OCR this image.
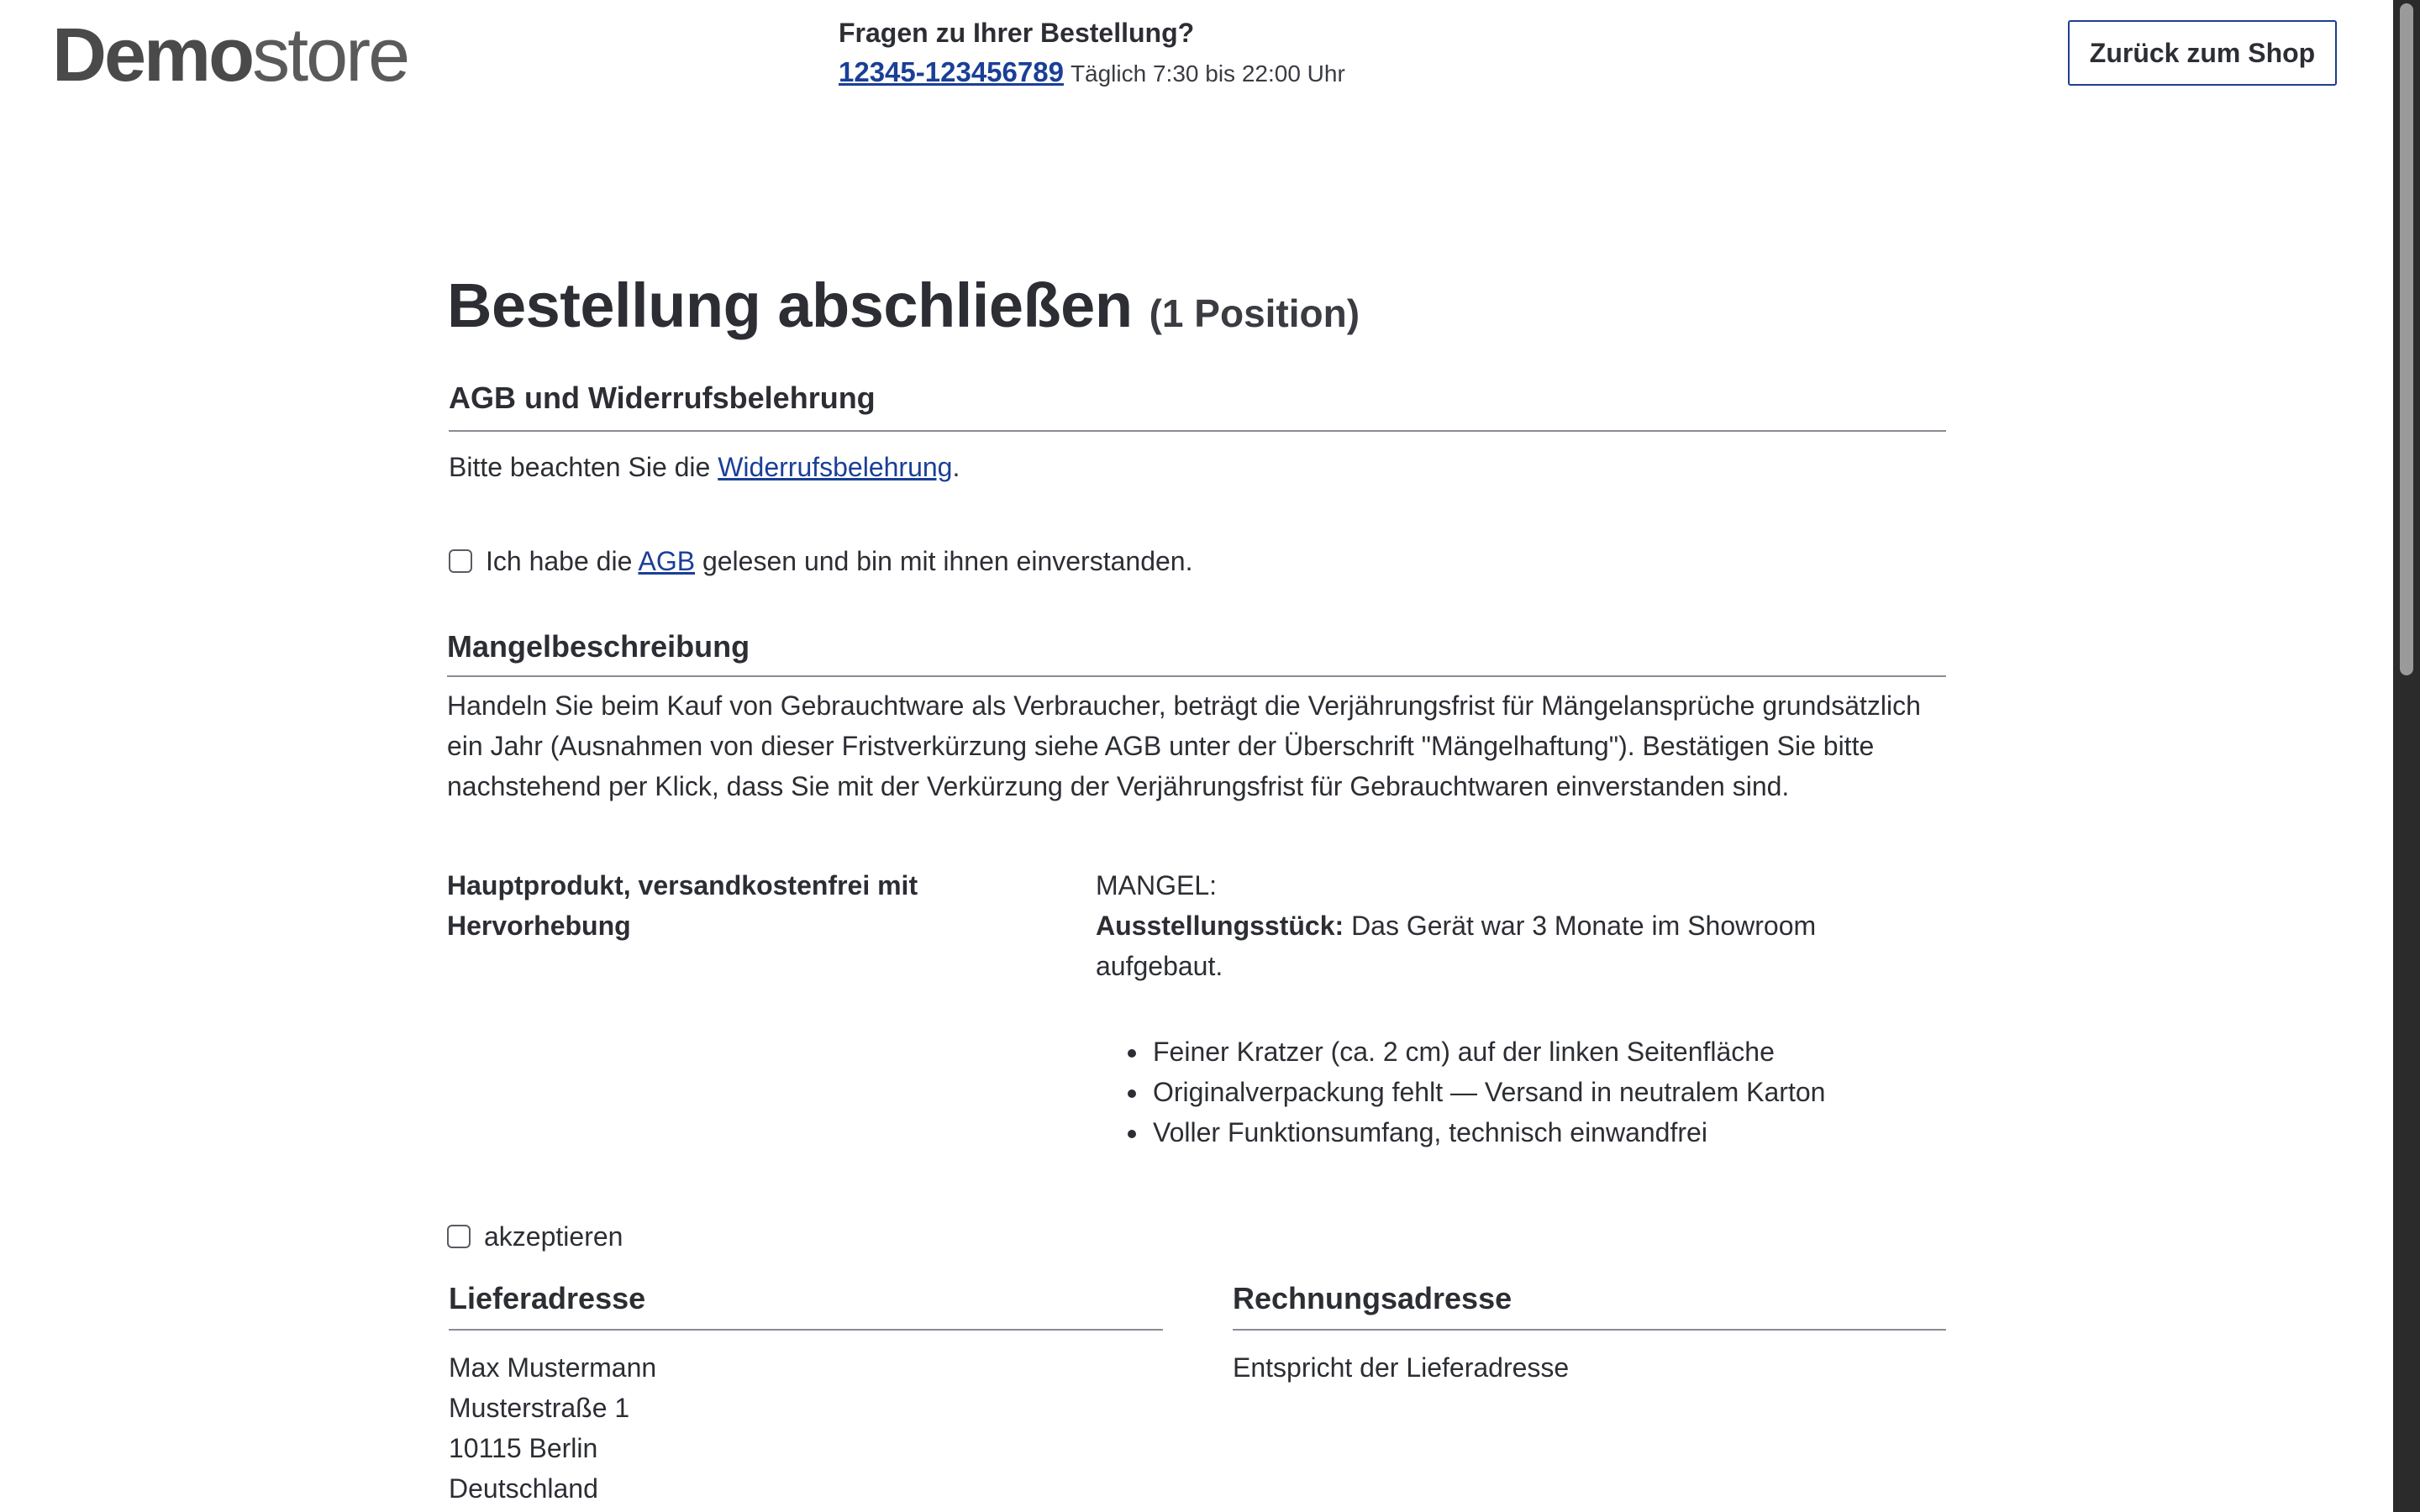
Demostore	Fragen zu Ihrer Bestellung?
12345-123456789 Täglich 7:30 bis 22:00 Uhr
Zurück zum Shop
Bestellung abschließen (1 Position)
AGB und Widerrufsbelehrung
Bitte beachten Sie die Widerrufsbelehrung.
Ich habe die AGB gelesen und bin mit ihnen einverstanden.
Mangelbeschreibung
Handeln Sie beim Kauf von Gebrauchtware als Verbraucher, beträgt die Verjährungsfrist für Mängelansprüche grundsätzlich ein Jahr (Ausnahmen von dieser Fristverkürzung siehe AGB unter der Überschrift "Mängelhaftung"). Bestätigen Sie bitte nachstehend per Klick, dass Sie mit der Verkürzung der Verjährungsfrist für Gebrauchtwaren einverstanden sind.
Hauptprodukt, versandkostenfrei mit Hervorhebung
MANGEL:
Ausstellungsstück: Das Gerät war 3 Monate im Showroom aufgebaut.
• Feiner Kratzer (ca. 2 cm) auf der linken Seitenfläche
• Originalverpackung fehlt — Versand in neutralem Karton
• Voller Funktionsumfang, technisch einwandfrei
akzeptieren
Lieferadresse
Max Mustermann
Musterstraße 1
10115 Berlin
Deutschland
Rechnungsadresse
Entspricht der Lieferadresse
